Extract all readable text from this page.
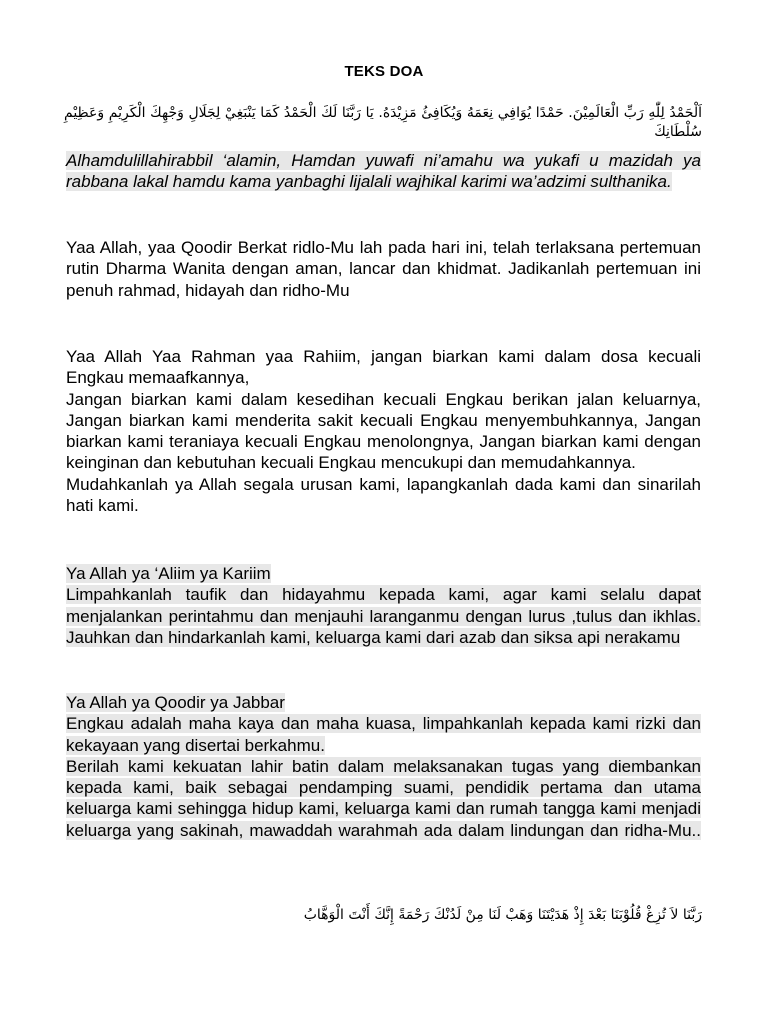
TEKS DOA
اَلْحَمْدُ لِلّٰهِ رَبِّ الْعَالَمِيْنَ. حَمْدًا يُوَافِي نِعَمَهُ وَيُكَافِئُ مَزِيْدَهُ. يَا رَبَّنَا لَكَ الْحَمْدُ كَمَا يَنْبَغِيْ لِجَلَالِ وَجْهِكَ الْكَرِيْمِ وَعَظِيْمِ سُلْطَانِكَ

Alhamdulillahirabbil ‘alamin, Hamdan yuwafi ni’amahu wa yukafi u mazidah ya rabbana lakal hamdu kama yanbaghi lijalali wajhikal karimi wa’adzimi sulthanika.

Yaa Allah, yaa Qoodir Berkat ridlo-Mu lah pada hari ini, telah terlaksana pertemuan rutin Dharma Wanita dengan aman, lancar dan khidmat. Jadikanlah pertemuan ini penuh rahmad, hidayah dan ridho-Mu

Yaa Allah Yaa Rahman yaa Rahiim, jangan biarkan kami dalam dosa kecuali Engkau memaafkannya,

Jangan biarkan kami dalam kesedihan kecuali Engkau berikan jalan keluarnya, Jangan biarkan kami menderita sakit kecuali Engkau menyembuhkannya, Jangan biarkan kami teraniaya kecuali Engkau menolongnya, Jangan biarkan kami dengan keinginan dan kebutuhan kecuali Engkau mencukupi dan memudahkannya.

Mudahkanlah ya Allah segala urusan kami, lapangkanlah dada kami dan sinarilah hati kami.

Ya Allah ya ‘Aliim ya Kariim

Limpahkanlah taufik dan hidayahmu kepada kami, agar kami selalu dapat menjalankan perintahmu dan menjauhi laranganmu dengan lurus ,tulus dan ikhlas. Jauhkan dan hindarkanlah kami, keluarga kami dari azab dan siksa api nerakamu

Ya Allah ya Qoodir ya Jabbar

Engkau adalah maha kaya dan maha kuasa, limpahkanlah kepada kami rizki dan kekayaan yang disertai berkahmu.

Berilah kami kekuatan lahir batin dalam melaksanakan tugas yang diembankan kepada kami, baik sebagai pendamping suami, pendidik pertama dan utama keluarga kami sehingga hidup kami, keluarga kami dan rumah tangga kami menjadi keluarga yang sakinah, mawaddah warahmah ada dalam lindungan dan ridha-Mu..

رَبَّنَا لاَ تُزِغْ قُلُوْبَنَا بَعْدَ إِذْ هَدَيْتَنَا وَهَبْ لَنَا مِنْ لَدُنْكَ رَحْمَةً إِنَّكَ أَنْتَ الْوَهَّابُ
